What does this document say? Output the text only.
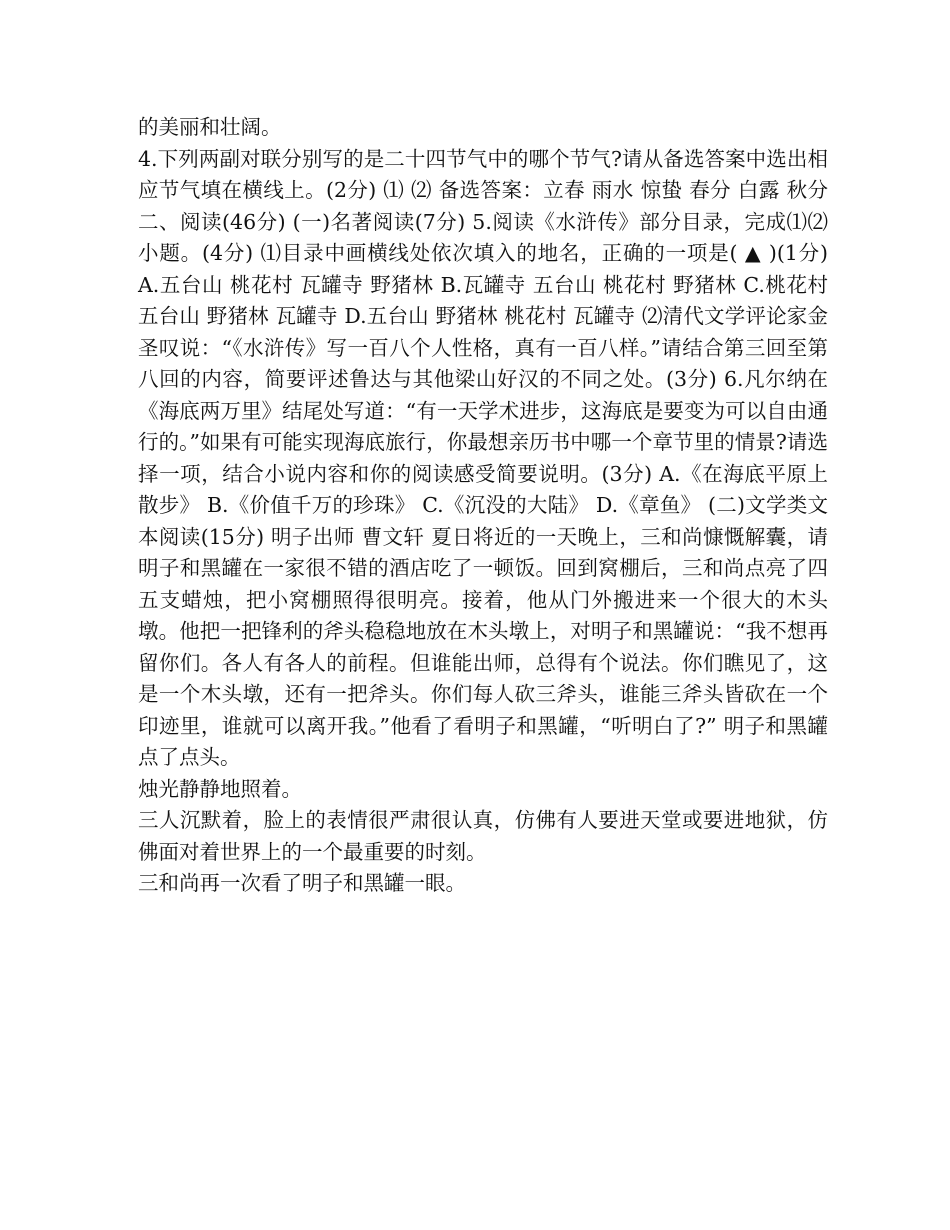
的美丽和壮阔。

4.下列两副对联分别写的是二十四节气中的哪个节气?请从备选答案中选出相应节气填在横线上。(2分) ⑴ ⑵ 备选答案：立春 雨水 惊蛰 春分 白露 秋分 二、阅读(46分) (一)名著阅读(7分) 5.阅读《水浒传》部分目录，完成⑴⑵小题。(4分) ⑴目录中画横线处依次填入的地名，正确的一项是( ▲ )(1分) A.五台山 桃花村 瓦罐寺 野猪林 B.瓦罐寺 五台山 桃花村 野猪林 C.桃花村 五台山 野猪林 瓦罐寺 D.五台山 野猪林 桃花村 瓦罐寺 ⑵清代文学评论家金圣叹说：“《水浒传》写一百八个人性格，真有一百八样。”请结合第三回至第八回的内容，简要评述鲁达与其他梁山好汉的不同之处。(3分) 6.凡尔纳在《海底两万里》结尾处写道：“有一天学术进步，这海底是要变为可以自由通行的。”如果有可能实现海底旅行，你最想亲历书中哪一个章节里的情景?请选择一项，结合小说内容和你的阅读感受简要说明。(3分) A.《在海底平原上散步》 B.《价值千万的珍珠》 C.《沉没的大陆》 D.《章鱼》 (二)文学类文本阅读(15分) 明子出师 曹文轩 夏日将近的一天晚上，三和尚慷慨解囊，请明子和黑罐在一家很不错的酒店吃了一顿饭。回到窝棚后，三和尚点亮了四五支蜡烛，把小窝棚照得很明亮。接着，他从门外搬进来一个很大的木头墩。他把一把锋利的斧头稳稳地放在木头墩上，对明子和黑罐说：“我不想再留你们。各人有各人的前程。但谁能出师，总得有个说法。你们瞧见了，这是一个木头墩，还有一把斧头。你们每人砍三斧头，谁能三斧头皆砍在一个印迹里，谁就可以离开我。”他看了看明子和黑罐，“听明白了?” 明子和黑罐点了点头。

烛光静静地照着。

三人沉默着，脸上的表情很严肃很认真，仿佛有人要进天堂或要进地狱，仿佛面对着世界上的一个最重要的时刻。

三和尚再一次看了明子和黑罐一眼。
